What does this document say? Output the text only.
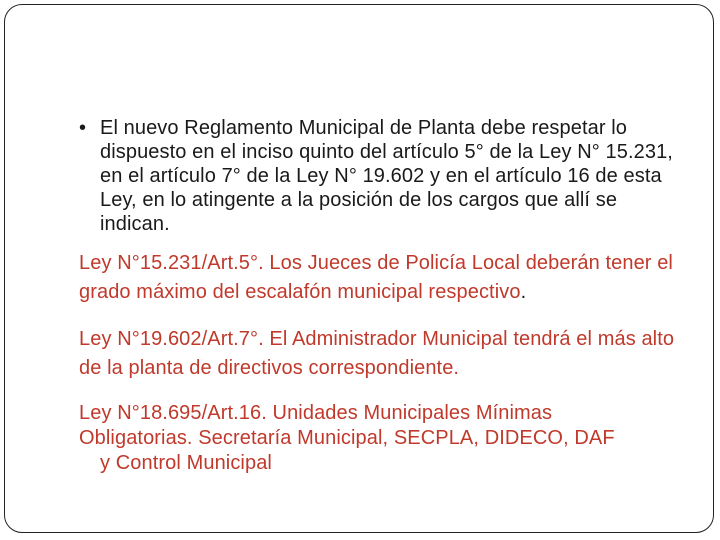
• El nuevo Reglamento Municipal de Planta debe respetar lo dispuesto en el inciso quinto del artículo 5° de la Ley N° 15.231, en el artículo 7° de la Ley N° 19.602 y en el artículo 16 de esta Ley, en lo atingente a la posición de los cargos que allí se indican.

Ley N°15.231/Art.5°. Los Jueces de Policía Local deberán tener el grado máximo del escalafón municipal respectivo.

Ley N°19.602/Art.7°. El Administrador Municipal tendrá el más alto de la planta de directivos correspondiente.

Ley N°18.695/Art.16. Unidades Municipales Mínimas
Obligatorias. Secretaría Municipal, SECPLA, DIDECO, DAF
y Control Municipal
